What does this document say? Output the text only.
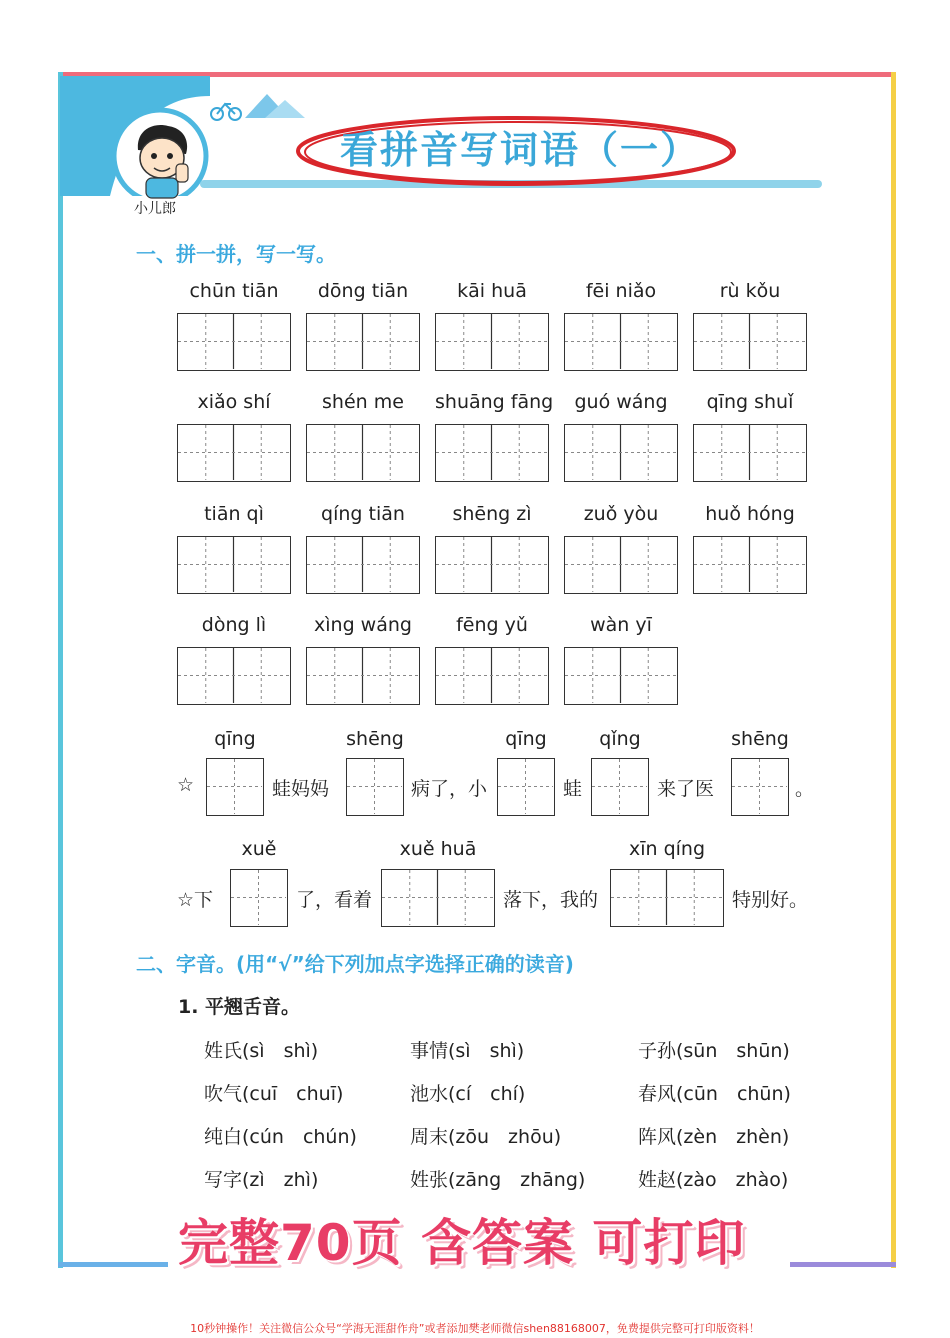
小儿郎
看拼音写词语（一）
一、拼一拼，写一写。
chūn tiān	dōng tiān	kāi huā	fēi niǎo	rù kǒu
xiǎo shí	shén me	shuāng fāng	guó wáng	qīng shuǐ
tiān qì	qíng tiān	shēng zì	zuǒ yòu	huǒ hóng
dòng lì	xìng wáng	fēng yǔ	wàn yī
☆
qīng
蛙妈妈
shēng
病了，小
qīng
蛙
qǐng
来了医
shēng
。
☆下
xuě
了，看着
xuě huā
落下，我的
xīn qíng
特别好。
二、字音。(用“√”给下列加点字选择正确的读音)
1. 平翘舌音。
姓氏(sì　shì)	事情(sì　shì)	子孙(sūn　shūn)
吹气(cuī　chuī)	池水(cí　chí)	春风(cūn　chūn)
纯白(cún　chún)	周末(zōu　zhōu)	阵风(zèn　zhèn)
写字(zì　zhì)	姓张(zāng　zhāng)	姓赵(zào　zhào)
完整70页 含答案 可打印
10秒钟操作！关注微信公众号“学海无涯甜作舟”或者添加樊老师微信shen88168007，免费提供完整可打印版资料！
